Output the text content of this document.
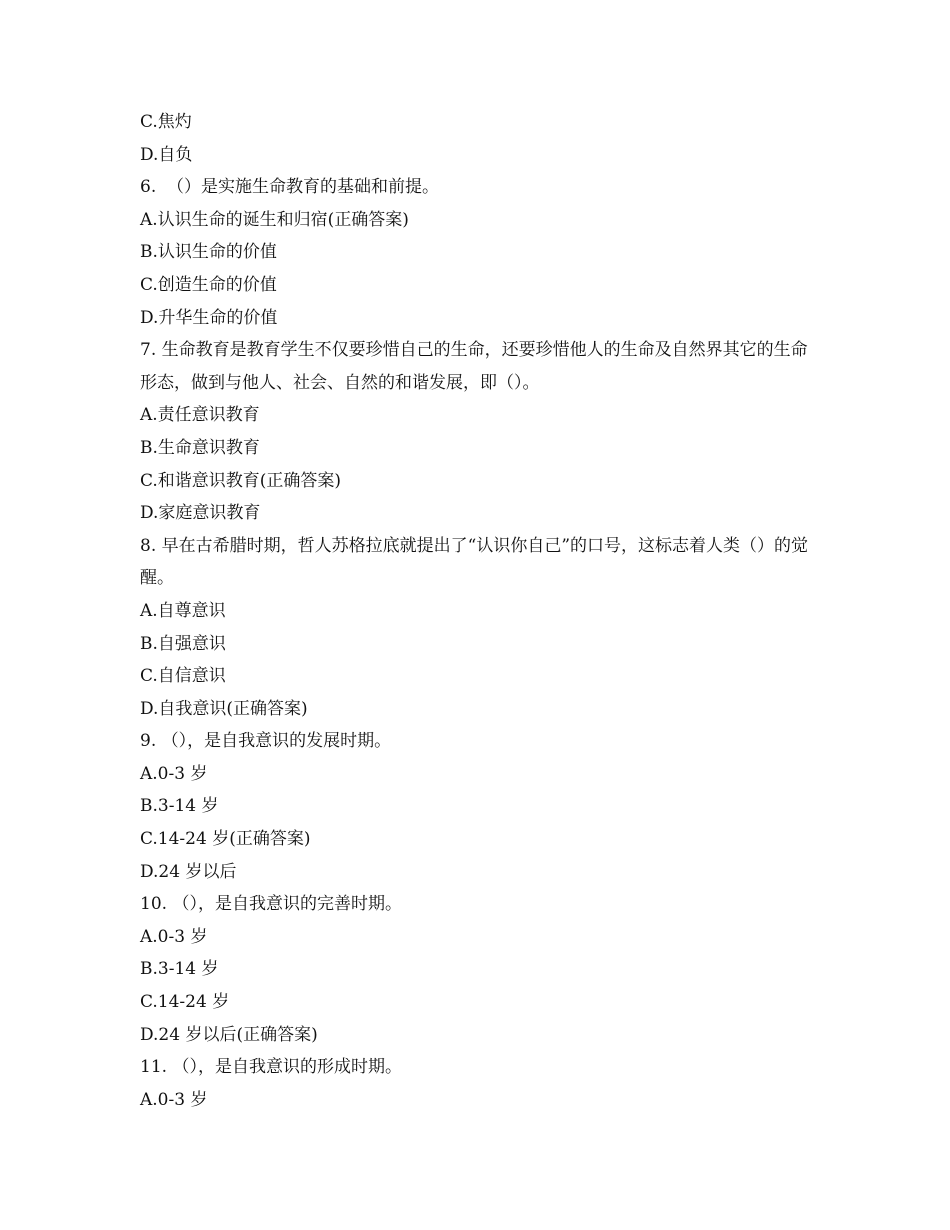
C.焦灼

D.自负

6.  （）是实施生命教育的基础和前提。

A.认识生命的诞生和归宿(正确答案)

B.认识生命的价值

C.创造生命的价值

D.升华生命的价值

7. 生命教育是教育学生不仅要珍惜自己的生命，还要珍惜他人的生命及自然界其它的生命形态，做到与他人、社会、自然的和谐发展，即（）。

A.责任意识教育

B.生命意识教育

C.和谐意识教育(正确答案)

D.家庭意识教育

8. 早在古希腊时期，哲人苏格拉底就提出了“认识你自己”的口号，这标志着人类（）的觉醒。

A.自尊意识

B.自强意识

C.自信意识

D.自我意识(正确答案)

9. （），是自我意识的发展时期。

A.0-3 岁

B.3-14 岁

C.14-24 岁(正确答案)

D.24 岁以后

10. （），是自我意识的完善时期。

A.0-3 岁

B.3-14 岁

C.14-24 岁

D.24 岁以后(正确答案)

11. （），是自我意识的形成时期。

A.0-3 岁
